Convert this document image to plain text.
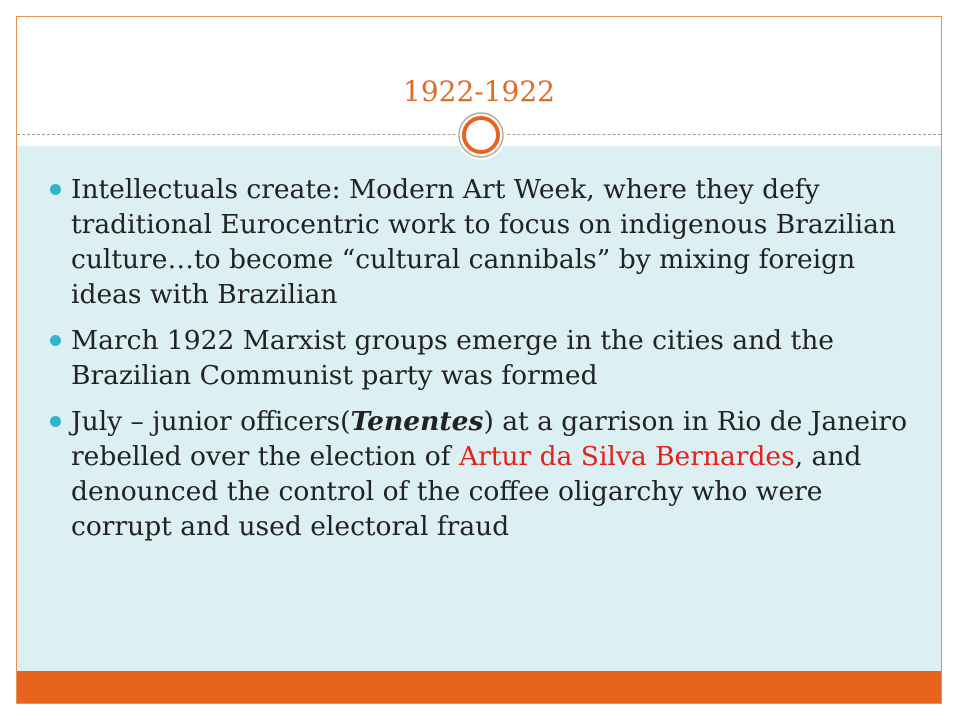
1922-1922
Intellectuals create: Modern Art Week, where they defy traditional Eurocentric work to focus on indigenous Brazilian culture…to become “cultural cannibals” by mixing foreign ideas with Brazilian
March 1922 Marxist groups emerge in the cities and the Brazilian Communist party was formed
July – junior officers(Tenentes) at a garrison in Rio de Janeiro rebelled over the election of Artur da Silva Bernardes, and denounced the control of the coffee oligarchy who were corrupt and used electoral fraud
